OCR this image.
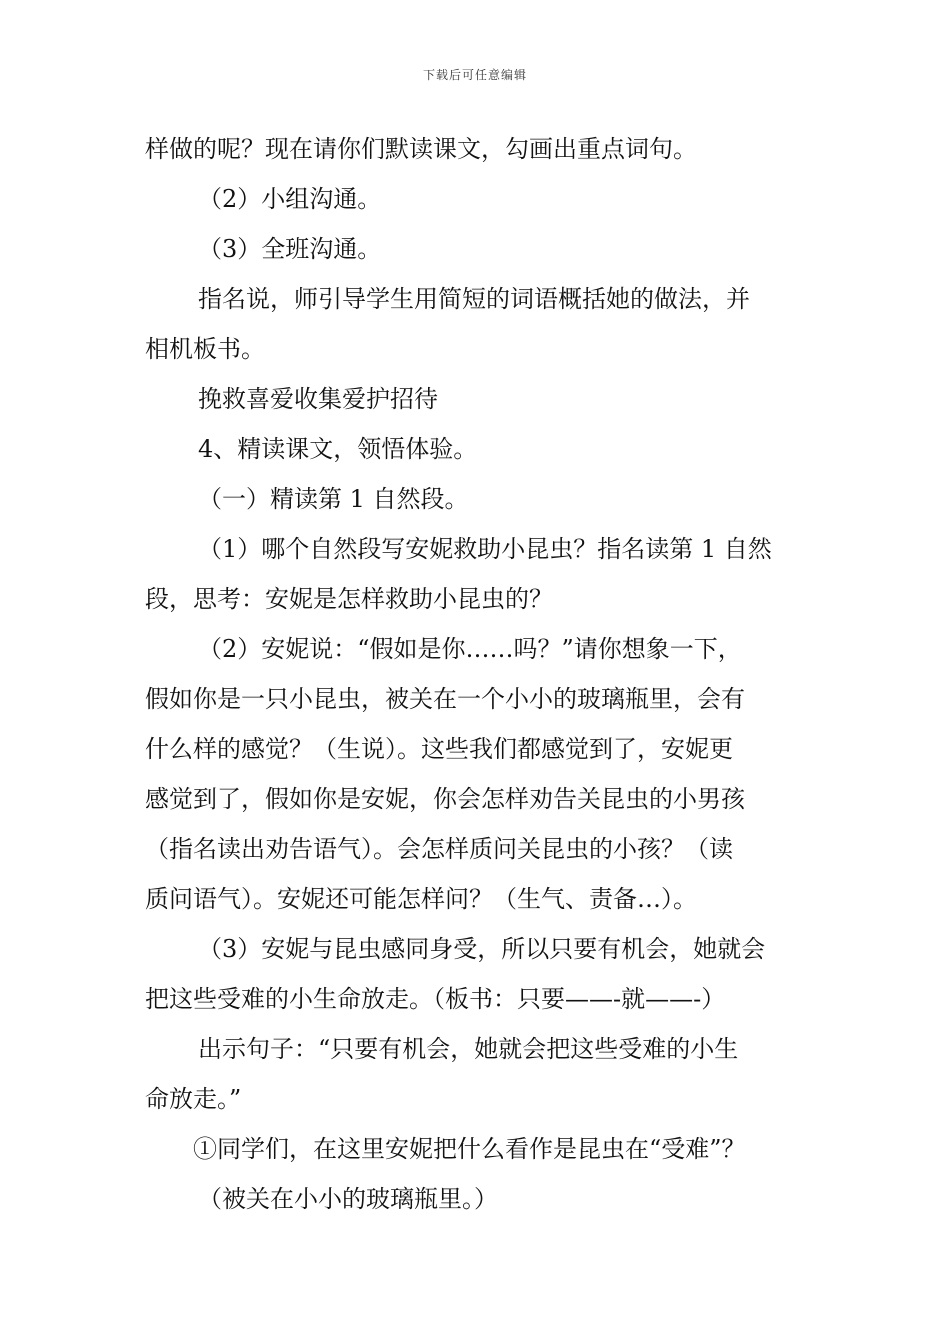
下载后可任意编辑
样做的呢？现在请你们默读课文，勾画出重点词句。
（2）小组沟通。
（3）全班沟通。
指名说，师引导学生用简短的词语概括她的做法，并
相机板书。
挽救喜爱收集爱护招待
4、精读课文，领悟体验。
（一）精读第 1 自然段。
（1）哪个自然段写安妮救助小昆虫？指名读第 1 自然
段，思考：安妮是怎样救助小昆虫的？
（2）安妮说：“假如是你……吗？”请你想象一下，
假如你是一只小昆虫，被关在一个小小的玻璃瓶里，会有
什么样的感觉？（生说）。这些我们都感觉到了，安妮更
感觉到了，假如你是安妮，你会怎样劝告关昆虫的小男孩
（指名读出劝告语气）。会怎样质问关昆虫的小孩？（读
质问语气）。安妮还可能怎样问？（生气、责备…）。
（3）安妮与昆虫感同身受，所以只要有机会，她就会
把这些受难的小生命放走。（板书：只要——-就——-）
出示句子：“只要有机会，她就会把这些受难的小生
命放走。”
①同学们，在这里安妮把什么看作是昆虫在“受难”？
（被关在小小的玻璃瓶里。）
